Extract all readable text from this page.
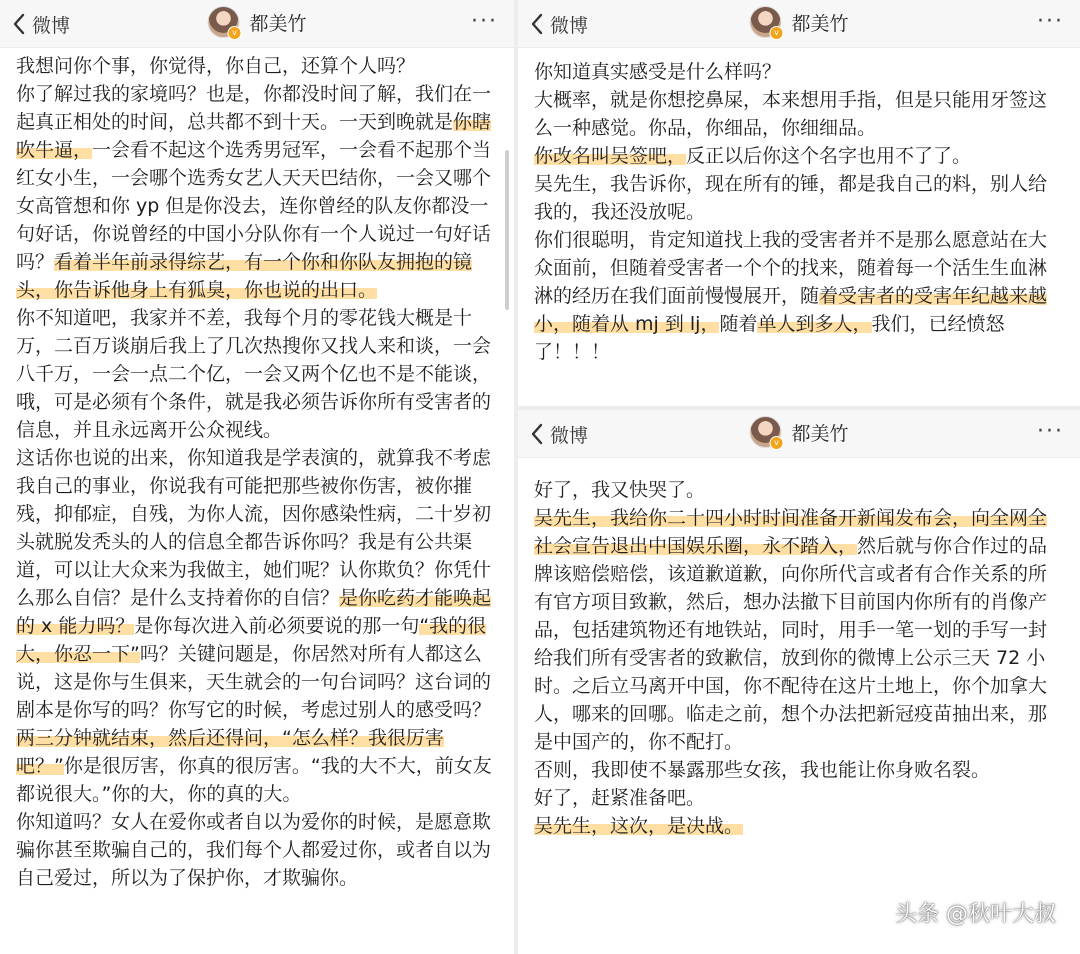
微博	v 都美竹	···

我想问你个事，你觉得，你自己，还算个人吗？

你了解过我的家境吗？也是，你都没时间了解，我们在一起真正相处的时间，总共都不到十天。一天到晚就是你瞎吹牛逼，一会看不起这个选秀男冠军，一会看不起那个当红女小生，一会哪个选秀女艺人天天巴结你，一会又哪个女高管想和你 yp 但是你没去，连你曾经的队友你都没一句好话，你说曾经的中国小分队你有一个人说过一句好话吗？看着半年前录得综艺，有一个你和你队友拥抱的镜头，你告诉他身上有狐臭，你也说的出口。

你不知道吧，我家并不差，我每个月的零花钱大概是十万，二百万谈崩后我上了几次热搜你又找人来和谈，一会八千万，一会一点二个亿，一会又两个亿也不是不能谈，哦，可是必须有个条件，就是我必须告诉你所有受害者的信息，并且永远离开公众视线。

这话你也说的出来，你知道我是学表演的，就算我不考虑我自己的事业，你说我有可能把那些被你伤害，被你摧残，抑郁症，自残，为你人流，因你感染性病，二十岁初头就脱发秃头的人的信息全都告诉你吗？我是有公共渠道，可以让大众来为我做主，她们呢？认你欺负？你凭什么那么自信？是什么支持着你的自信？是你吃药才能唤起的 x 能力吗？是你每次进入前必须要说的那一句“我的很大，你忍一下”吗？关键问题是，你居然对所有人都这么说，这是你与生俱来，天生就会的一句台词吗？这台词的剧本是你写的吗？你写它的时候，考虑过别人的感受吗？两三分钟就结束，然后还得问，“怎么样？我很厉害吧？”你是很厉害，你真的很厉害。“我的大不大，前女友都说很大。”你的大，你的真的大。

你知道吗？女人在爱你或者自以为爱你的时候，是愿意欺骗你甚至欺骗自己的，我们每个人都爱过你，或者自以为自己爱过，所以为了保护你，才欺骗你。

微博	v 都美竹	···

你知道真实感受是什么样吗？

大概率，就是你想挖鼻屎，本来想用手指，但是只能用牙签这么一种感觉。你品，你细品，你细细品。

你改名叫吴签吧，反正以后你这个名字也用不了了。

吴先生，我告诉你，现在所有的锤，都是我自己的料，别人给我的，我还没放呢。

你们很聪明，肯定知道找上我的受害者并不是那么愿意站在大众面前，但随着受害者一个个的找来，随着每一个活生生血淋淋的经历在我们面前慢慢展开，随着受害者的受害年纪越来越小，随着从 mj 到 lj，随着单人到多人，我们，已经愤怒了！！！

微博	v 都美竹	···

好了，我又快哭了。

吴先生，我给你二十四小时时间准备开新闻发布会，向全网全社会宣告退出中国娱乐圈，永不踏入，然后就与你合作过的品牌该赔偿赔偿，该道歉道歉，向你所代言或者有合作关系的所有官方项目致歉，然后，想办法撤下目前国内你所有的肖像产品，包括建筑物还有地铁站，同时，用手一笔一划的手写一封给我们所有受害者的致歉信，放到你的微博上公示三天 72 小时。之后立马离开中国，你不配待在这片土地上，你个加拿大人，哪来的回哪。临走之前，想个办法把新冠疫苗抽出来，那是中国产的，你不配打。

否则，我即使不暴露那些女孩，我也能让你身败名裂。

好了，赶紧准备吧。

吴先生，这次，是决战。

头条 @秋叶大叔
